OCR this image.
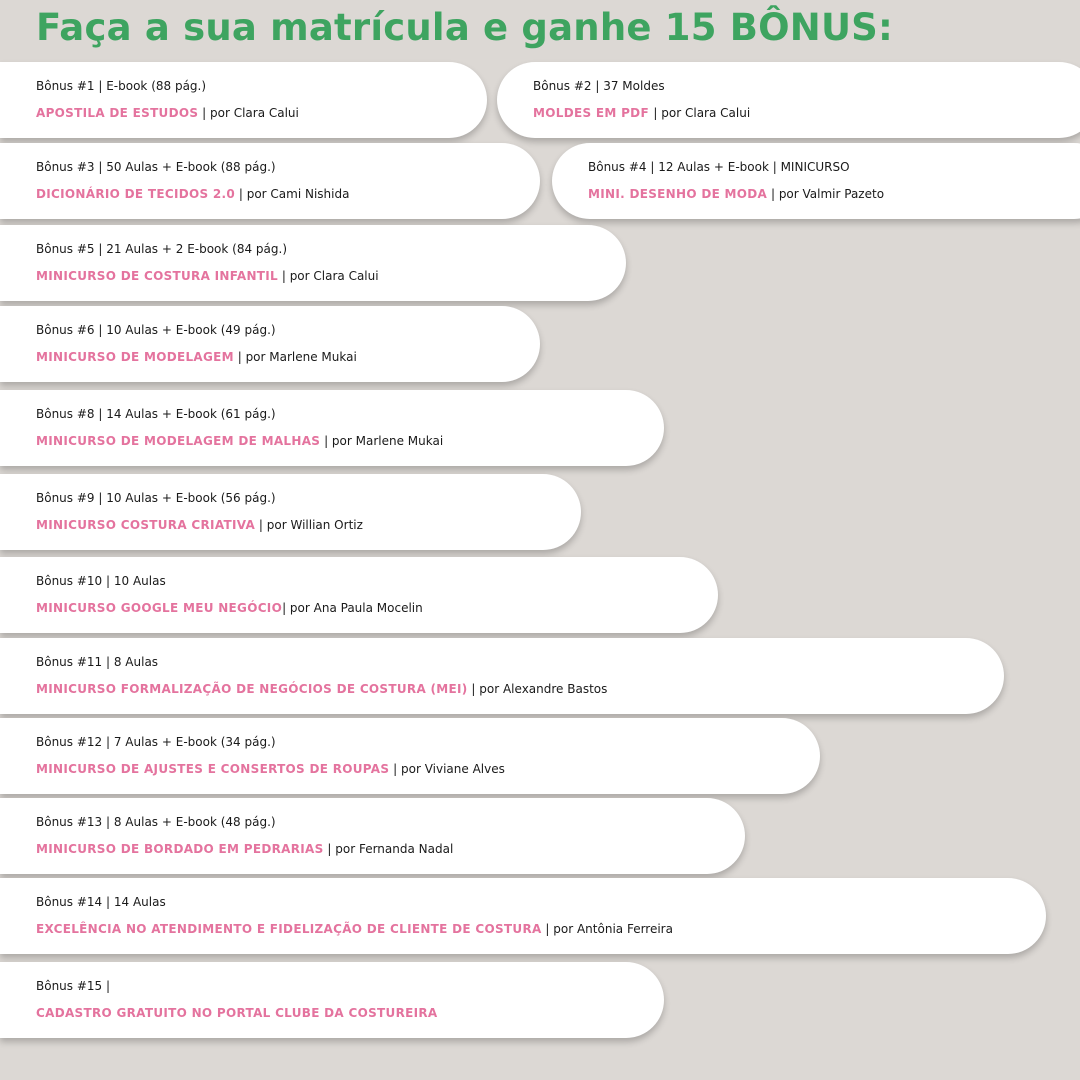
Faça a sua matrícula e ganhe 15 BÔNUS:
Bônus #1 | E-book (88 pág.)
APOSTILA DE ESTUDOS | por Clara Calui
Bônus #2 | 37 Moldes
MOLDES EM PDF | por Clara Calui
Bônus #3 | 50 Aulas + E-book (88 pág.)
DICIONÁRIO DE TECIDOS 2.0 | por Cami Nishida
Bônus #4 | 12 Aulas + E-book | MINICURSO
MINI. DESENHO DE MODA | por Valmir Pazeto
Bônus #5 | 21 Aulas + 2 E-book (84 pág.)
MINICURSO DE COSTURA INFANTIL | por Clara Calui
Bônus #6 | 10 Aulas + E-book (49 pág.)
MINICURSO DE MODELAGEM | por Marlene Mukai
Bônus #8 | 14 Aulas + E-book (61 pág.)
MINICURSO DE MODELAGEM DE MALHAS | por Marlene Mukai
Bônus #9 | 10 Aulas + E-book (56 pág.)
MINICURSO COSTURA CRIATIVA | por Willian Ortiz
Bônus #10 | 10 Aulas
MINICURSO GOOGLE MEU NEGÓCIO| por Ana Paula Mocelin
Bônus #11 | 8 Aulas
MINICURSO FORMALIZAÇÃO DE NEGÓCIOS DE COSTURA (MEI) | por Alexandre Bastos
Bônus #12 | 7 Aulas + E-book (34 pág.)
MINICURSO DE AJUSTES E CONSERTOS DE ROUPAS | por Viviane Alves
Bônus #13 | 8 Aulas + E-book (48 pág.)
MINICURSO DE BORDADO EM PEDRARIAS | por Fernanda Nadal
Bônus #14 | 14 Aulas
EXCELÊNCIA NO ATENDIMENTO E FIDELIZAÇÃO DE CLIENTE DE COSTURA | por Antônia Ferreira
Bônus #15 |
CADASTRO GRATUITO NO PORTAL CLUBE DA COSTUREIRA
